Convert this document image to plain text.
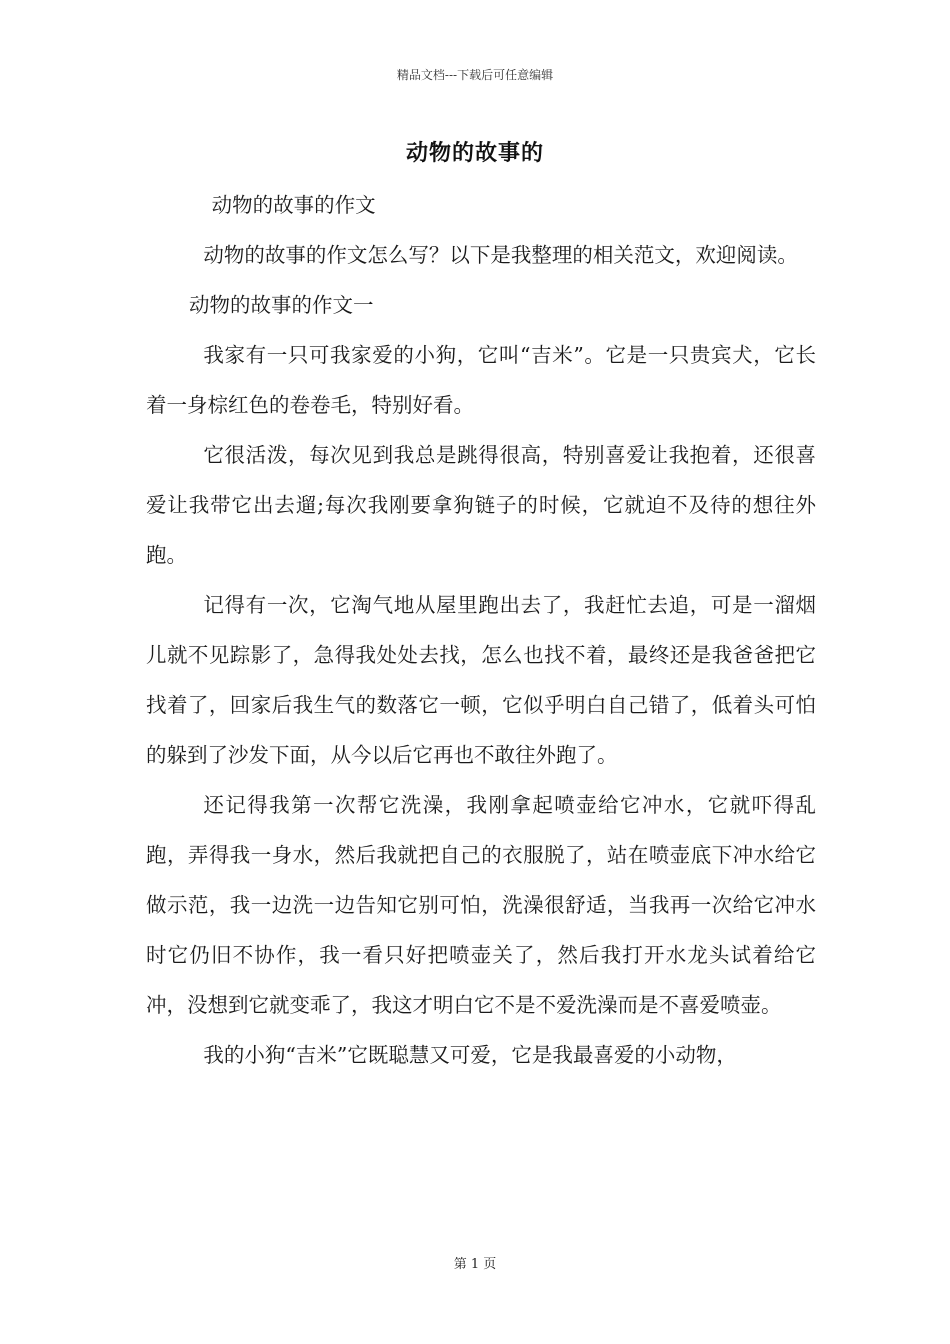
精品文档---下载后可任意编辑
动物的故事的

动物的故事的作文

动物的故事的作文怎么写？以下是我整理的相关范文，欢迎阅读。

动物的故事的作文一

我家有一只可我家爱的小狗，它叫“吉米”。它是一只贵宾犬，它长着一身棕红色的卷卷毛，特别好看。

它很活泼，每次见到我总是跳得很高，特别喜爱让我抱着，还很喜爱让我带它出去遛;每次我刚要拿狗链子的时候，它就迫不及待的想往外跑。

记得有一次，它淘气地从屋里跑出去了，我赶忙去追，可是一溜烟儿就不见踪影了，急得我处处去找，怎么也找不着，最终还是我爸爸把它找着了，回家后我生气的数落它一顿，它似乎明白自己错了，低着头可怕的躲到了沙发下面，从今以后它再也不敢往外跑了。

还记得我第一次帮它洗澡，我刚拿起喷壶给它冲水，它就吓得乱跑，弄得我一身水，然后我就把自己的衣服脱了，站在喷壶底下冲水给它做示范，我一边洗一边告知它别可怕，洗澡很舒适，当我再一次给它冲水时它仍旧不协作，我一看只好把喷壶关了，然后我打开水龙头试着给它冲，没想到它就变乖了，我这才明白它不是不爱洗澡而是不喜爱喷壶。

我的小狗“吉米”它既聪慧又可爱，它是我最喜爱的小动物，

第 1 页
